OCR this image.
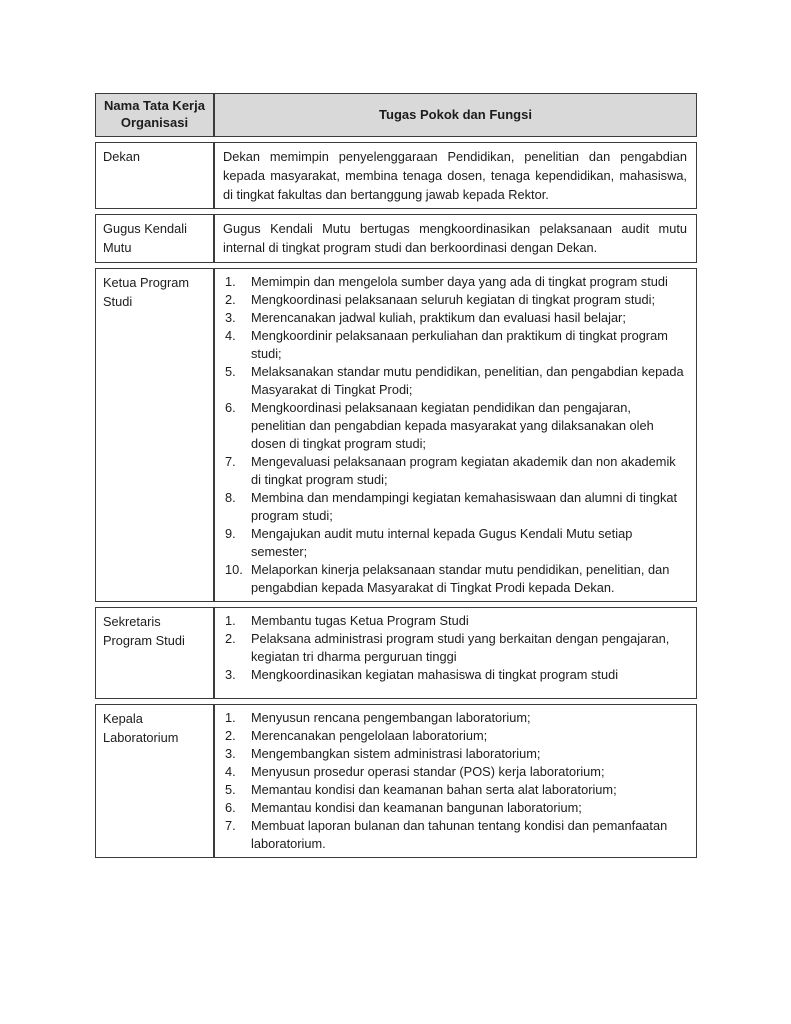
Nama Tata Kerja Organisasi	Tugas Pokok dan Fungsi
Dekan	Dekan memimpin penyelenggaraan Pendidikan, penelitian dan pengabdian kepada masyarakat, membina tenaga dosen, tenaga kependidikan, mahasiswa, di tingkat fakultas dan bertanggung jawab kepada Rektor.

Gugus Kendali Mutu	Gugus Kendali Mutu bertugas mengkoordinasikan pelaksanaan audit mutu internal di tingkat program studi dan berkoordinasi dengan Dekan.

Ketua Program Studi	
1.	Memimpin dan mengelola sumber daya yang ada di tingkat program studi
2.	Mengkoordinasi pelaksanaan seluruh kegiatan di tingkat program studi;
3.	Merencanakan jadwal kuliah, praktikum dan evaluasi hasil belajar;
4.	Mengkoordinir pelaksanaan perkuliahan dan praktikum di tingkat program studi;
5.	Melaksanakan standar mutu pendidikan, penelitian, dan pengabdian kepada Masyarakat di Tingkat Prodi;
6.	Mengkoordinasi pelaksanaan kegiatan pendidikan dan pengajaran, penelitian dan pengabdian kepada masyarakat yang dilaksanakan oleh dosen di tingkat program studi;
7.	Mengevaluasi pelaksanaan program kegiatan akademik dan non akademik di tingkat program studi;
8.	Membina dan mendampingi kegiatan kemahasiswaan dan alumni di tingkat program studi;
9.	Mengajukan audit mutu internal kepada Gugus Kendali Mutu setiap semester;
10. Melaporkan kinerja pelaksanaan standar mutu pendidikan, penelitian, dan pengabdian kepada Masyarakat di Tingkat Prodi kepada Dekan.

Sekretaris Program Studi	
1.	Membantu tugas Ketua Program Studi
2.	Pelaksana administrasi program studi yang berkaitan dengan pengajaran, kegiatan tri dharma perguruan tinggi
3.	Mengkoordinasikan kegiatan mahasiswa di tingkat program studi

Kepala Laboratorium	
1.	Menyusun rencana pengembangan laboratorium;
2.	Merencanakan pengelolaan laboratorium;
3.	Mengembangkan sistem administrasi laboratorium;
4.	Menyusun prosedur operasi standar (POS) kerja laboratorium;
5.	Memantau kondisi dan keamanan bahan serta alat laboratorium;
6.	Memantau kondisi dan keamanan bangunan laboratorium;
7.	Membuat laporan bulanan dan tahunan tentang kondisi dan pemanfaatan laboratorium.
